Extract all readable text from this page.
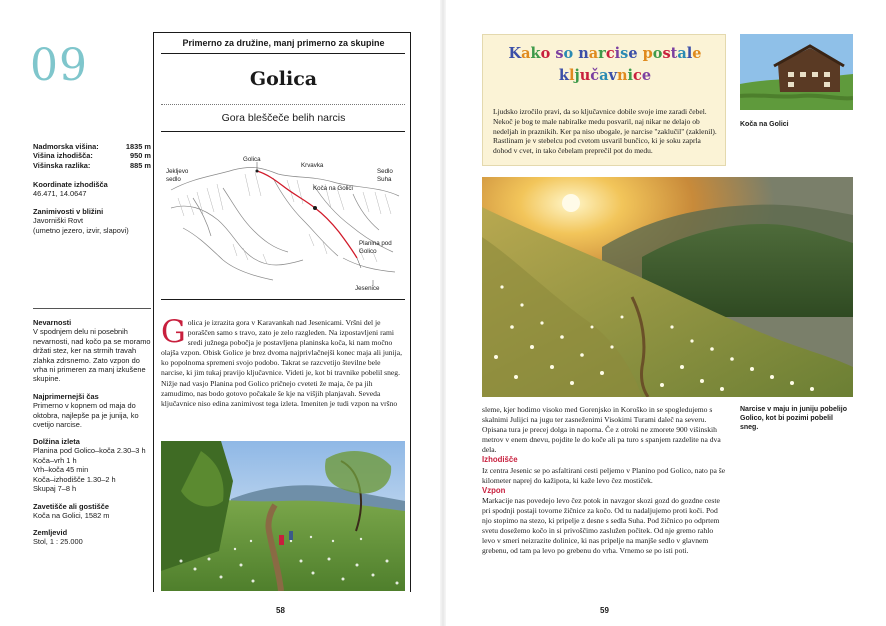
09
Nadmorska višina:	1835 m
Višina izhodišča:	950 m
Višinska razlika:	885 m
Koordinate izhodišča
46.471, 14.0647
Zanimivosti v bližini
Javorniški Rovt
(umetno jezero, izvir, slapovi)
Nevarnosti
V spodnjem delu ni posebnih nevarnosti, nad kočo pa se moramo držati stez, ker na strmih travah zlahka zdrsnemo. Zato vzpon do vrha ni primeren za manj izkušene skupine.
Najprimernejši čas
Primerno v kopnem od maja do oktobra, najlepše pa je junija, ko cvetijo narcise.
Dolžina izleta
Planina pod Golico–koča 2.30–3 h
Koča–vrh 1 h
Vrh–koča 45 min
Koča–izhodišče 1.30–2 h
Skupaj 7–8 h
Zavetišče ali gostišče
Koča na Golici, 1582 m
Zemljevid
Stol, 1 : 25.000
Primerno za družine, manj primerno za skupine
Golica
Gora bleščeče belih narcis
Golica
Krvavka
Jekljevo sedlo
Sedlo Suha
Koča na Golici
Planina pod Golico
Jesenice

Golica je izrazita gora v Karavankah nad Jesenicami. Vršni del je poraščen samo s travo, zato je zelo razgleden. Na izpostavljeni rami sredi južnega pobočja je postavljena planinska koča, ki nam močno olajša vzpon. Obisk Golice je brez dvoma najprivlačnejši konec maja ali junija, ko popolnoma spremeni svojo podobo. Takrat se razcvetijo številne bele narcise, ki jim tukaj pravijo ključavnice. Videti je, kot bi travnike pobelil sneg. Nižje nad vasjo Planina pod Golico pričnejo cveteti že maja, če pa jih zamudimo, nas bodo gotovo počakale še kje na višjih planjavah. Seveda ključavnice niso edina zanimivost tega izleta. Imeniten je tudi vzpon na vršno

58
Kako so narcise postale
ključavnice
Ljudsko izročilo pravi, da so ključavnice dobile svoje ime zaradi čebel. Nekoč je bog te male nabiralke medu posvaril, naj nikar ne delajo ob nedeljah in praznikih. Ker pa niso ubogale, je narcise "zaklučil" (zaklenil).
Rastlinam je v stebelcu pod cvetom usvaril bunčico, ki je soku zaprla dohod v cvet, in tako čebelam preprečil pot do medu.
Koča na Golici
Narcise v maju in juniju pobelijo Golico, kot bi pozimi pobelil sneg.

sleme, kjer hodimo visoko med Gorenjsko in Koroško in se spogledujemo s skalnimi Julijci na jugu ter zasneženimi Visokimi Turami daleč na severu.

Opisana tura je precej dolga in naporna. Če z otroki ne zmorete 900 višinskih metrov v enem dnevu, pojdite le do koče ali pa turo s spanjem razdelite na dva dela.

Izhodišče

Iz centra Jesenic se po asfaltirani cesti peljemo v Planino pod Golico, nato pa še kilometer naprej do kažipota, ki kaže levo čez mostiček.

Vzpon

Markacije nas povedejo levo čez potok in navzgor skozi gozd do gozdne ceste pri spodnji postaji tovorne žičnice za kočo. Od tu nadaljujemo proti koči. Pod njo stopimo na stezo, ki pripelje z desne s sedla Suha. Pod žičnico po odprtem svetu dosežemo kočo in si privoščimo zaslužen počitek. Od nje gremo rahlo levo v smeri neizrazite dolinice, ki nas pripelje na manjše sedlo v glavnem grebenu, od tam pa levo po grebenu do vrha. Vrnemo se po isti poti.

59
